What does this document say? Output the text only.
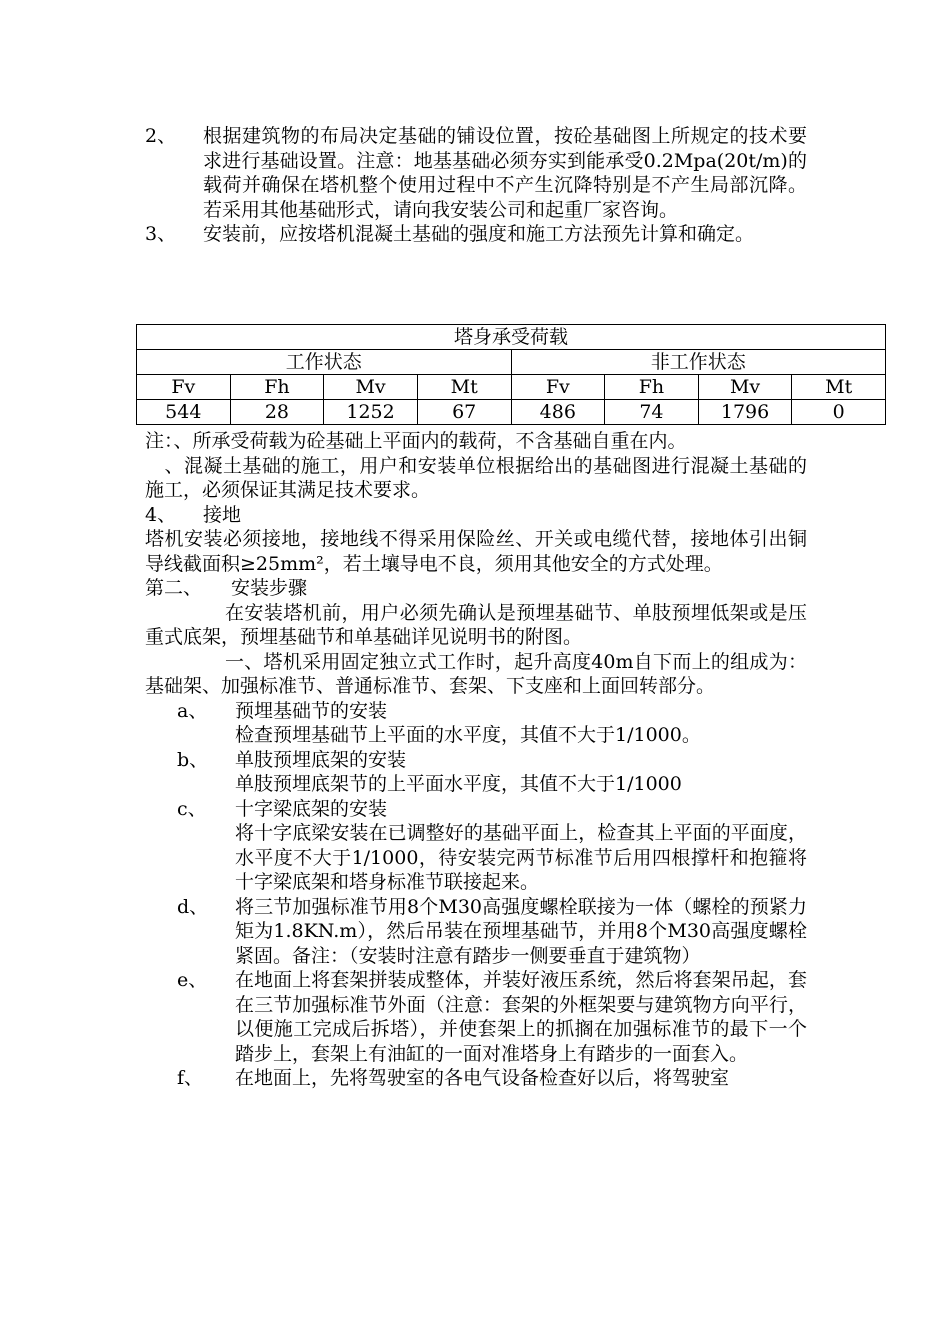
2、	根据建筑物的布局决定基础的铺设位置，按砼基础图上所规定的技术要求进行基础设置。注意：地基基础必须夯实到能承受0.2Mpa(20t/m)的载荷并确保在塔机整个使用过程中不产生沉降特别是不产生局部沉降。若采用其他基础形式，请向我安装公司和起重厂家咨询。
3、	安装前，应按塔机混凝土基础的强度和施工方法预先计算和确定。
塔身承受荷载							
工作状态				非工作状态			
Fv	Fh	Mv	Mt	Fv	Fh	Mv	Mt
544	28	1252	67	486	74	1796	0

注：、所承受荷载为砼基础上平面内的载荷，不含基础自重在内。

　、混凝土基础的施工，用户和安装单位根据给出的基础图进行混凝土基础的施工，必须保证其满足技术要求。

4、	接地

塔机安装必须接地，接地线不得采用保险丝、开关或电缆代替，接地体引出铜导线截面积≥25mm²，若土壤导电不良，须用其他安全的方式处理。

第二、	安装步骤

在安装塔机前，用户必须先确认是预埋基础节、单肢预埋低架或是压重式底架，预埋基础节和单基础详见说明书的附图。

一、塔机采用固定独立式工作时，起升高度40m自下而上的组成为：基础架、加强标准节、普通标准节、套架、下支座和上面回转部分。

a、	预埋基础节的安装
检查预埋基础节上平面的水平度，其值不大于1/1000。
b、	单肢预埋底架的安装
单肢预埋底架节的上平面水平度，其值不大于1/1000
c、	十字梁底架的安装
将十字底梁安装在已调整好的基础平面上，检查其上平面的平面度，水平度不大于1/1000，待安装完两节标准节后用四根撑杆和抱箍将十字梁底架和塔身标准节联接起来。
d、	将三节加强标准节用8个M30高强度螺栓联接为一体（螺栓的预紧力矩为1.8KN.m），然后吊装在预埋基础节，并用8个M30高强度螺栓紧固。备注：（安装时注意有踏步一侧要垂直于建筑物）
e、	在地面上将套架拼装成整体，并装好液压系统，然后将套架吊起，套在三节加强标准节外面（注意：套架的外框架要与建筑物方向平行，以便施工完成后拆塔），并使套架上的抓搁在加强标准节的最下一个踏步上，套架上有油缸的一面对准塔身上有踏步的一面套入。
f、	在地面上，先将驾驶室的各电气设备检查好以后，将驾驶室
